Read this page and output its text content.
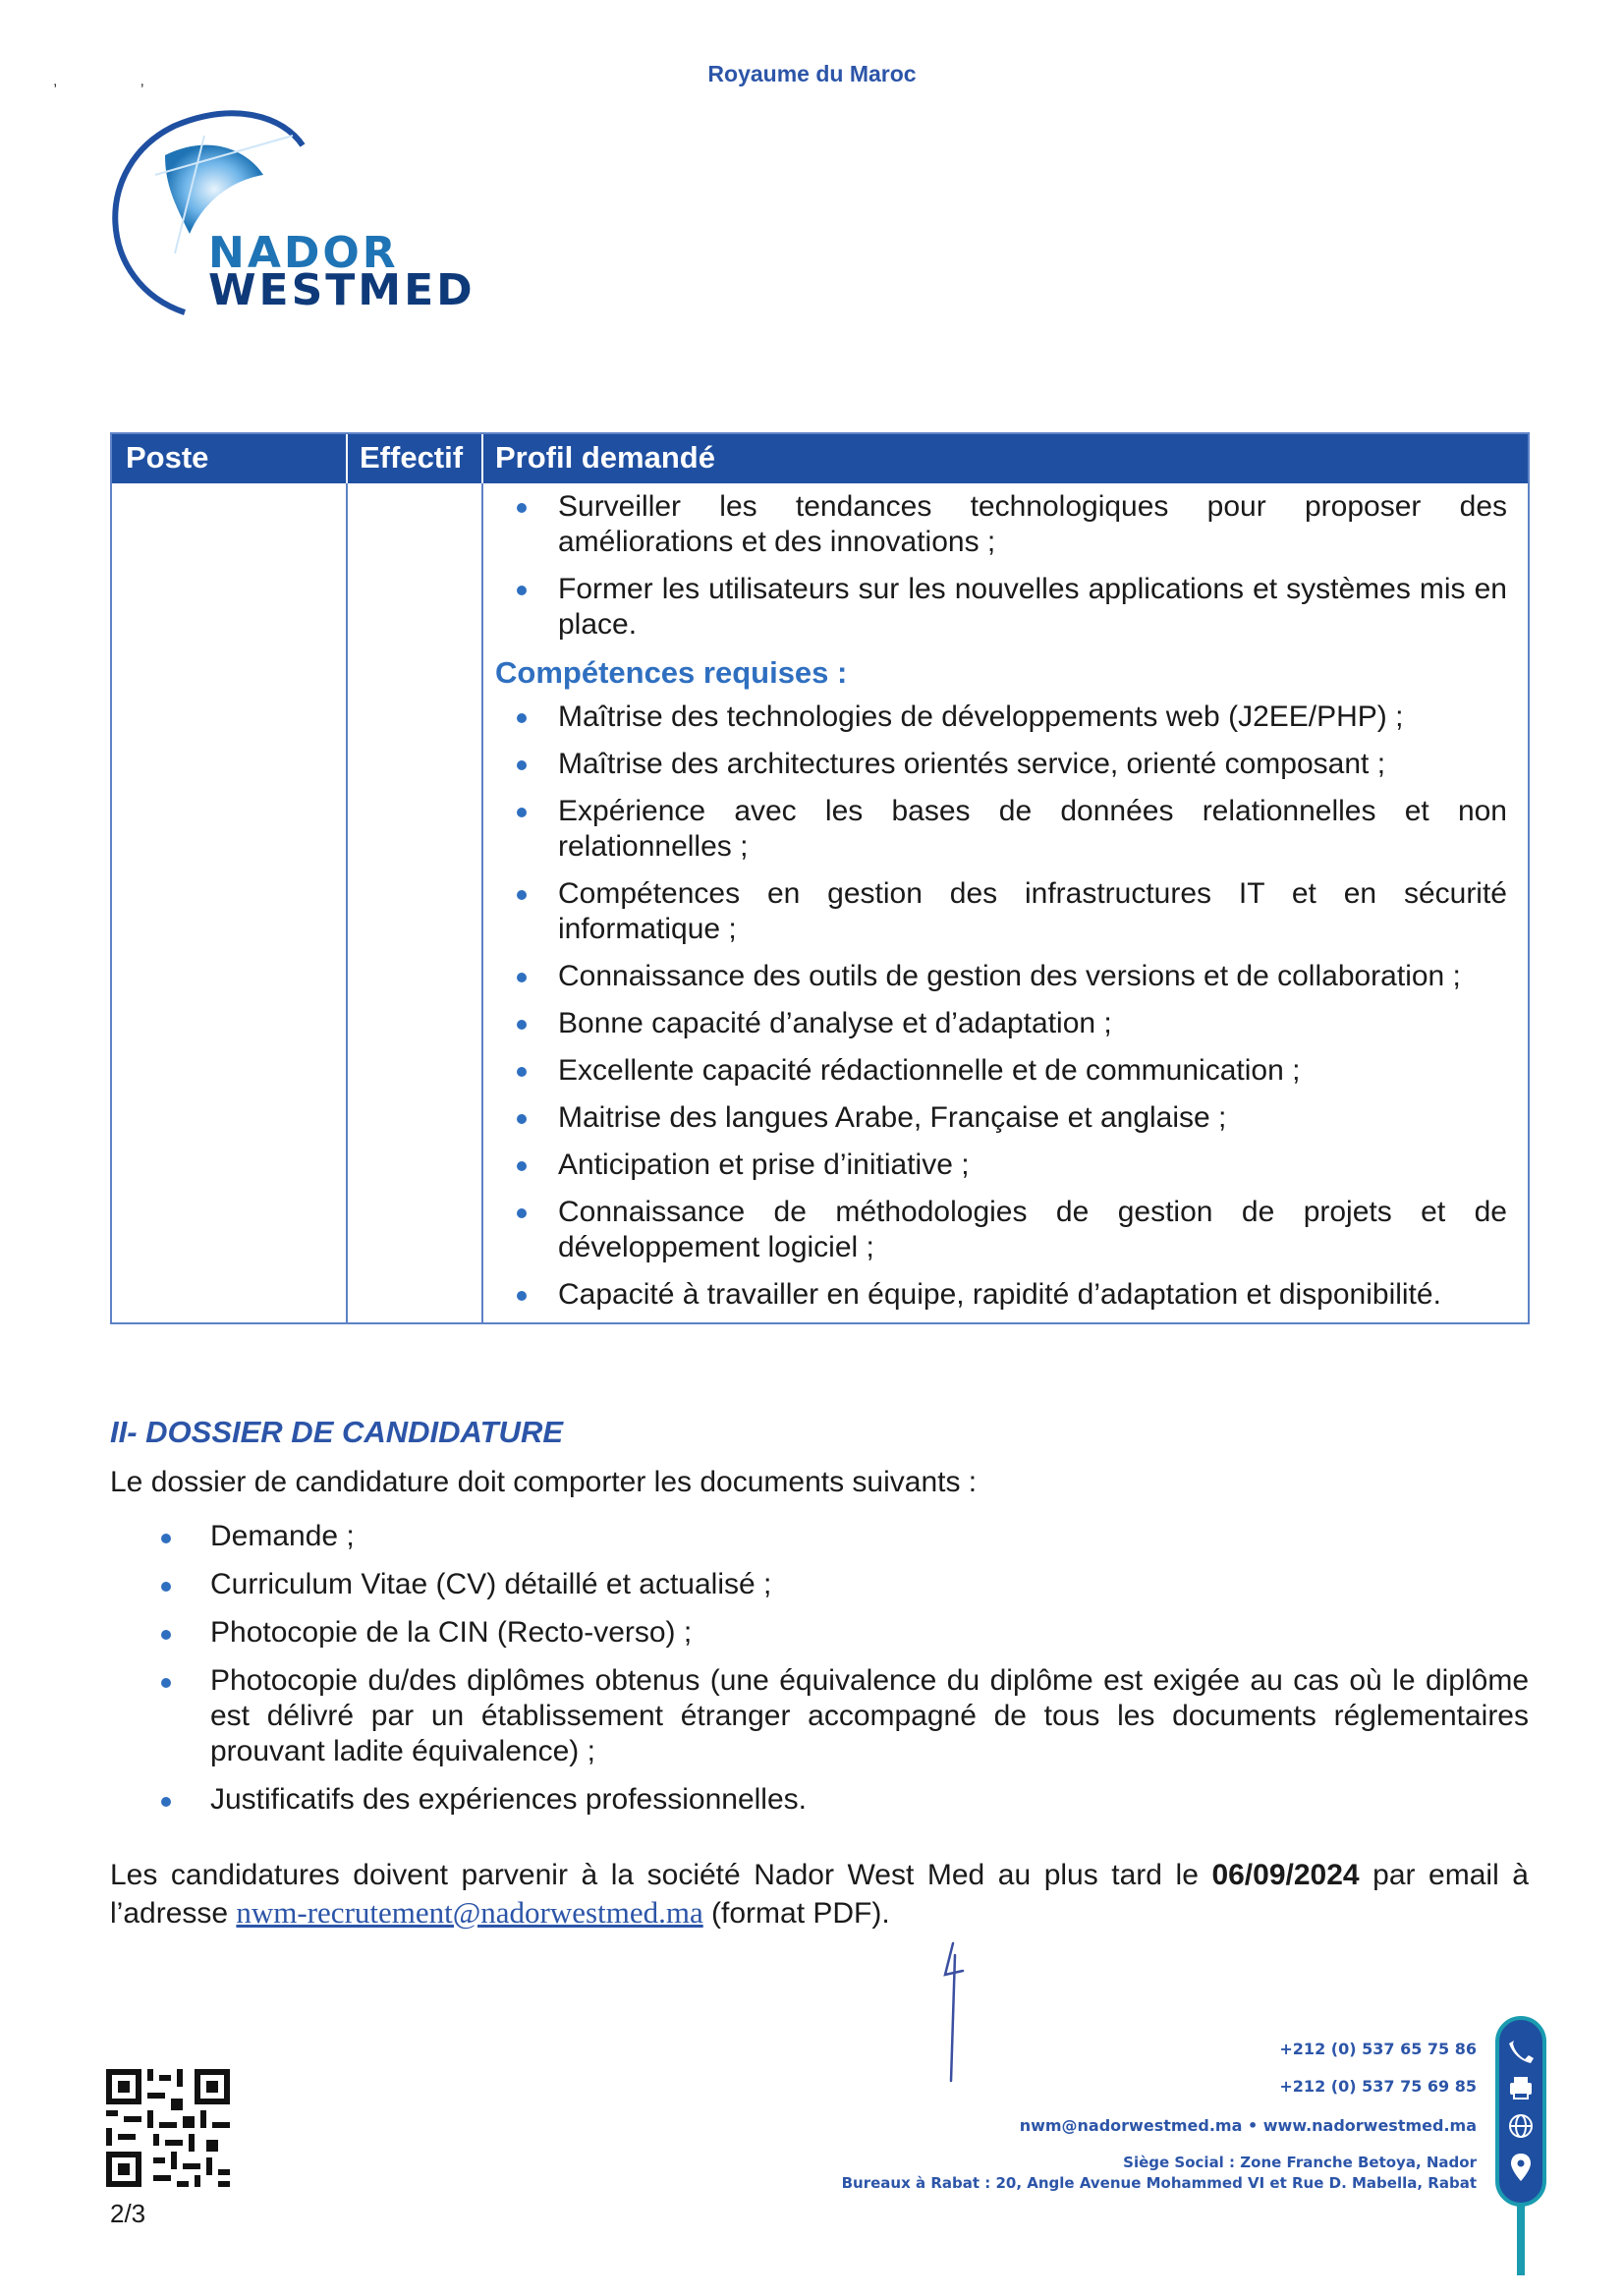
,,	Royaume du Maroc
NADOR
WESTMED
Poste	Effectif Profil demandé
Surveiller les tendances technologiques pour proposer des améliorations et des innovations ;
Former les utilisateurs sur les nouvelles applications et systèmes mis en place.
Compétences requises :
Maîtrise des technologies de développements web (J2EE/PHP) ;
Maîtrise des architectures orientés service, orienté composant ;
Expérience avec les bases de données relationnelles et non relationnelles ;
Compétences en gestion des infrastructures IT et en sécurité informatique ;
Connaissance des outils de gestion des versions et de collaboration ;
Bonne capacité d’analyse et d’adaptation ;
Excellente capacité rédactionnelle et de communication ;
Maitrise des langues Arabe, Française et anglaise ;
Anticipation et prise d’initiative ;
Connaissance de méthodologies de gestion de projets et de développement logiciel ;
Capacité à travailler en équipe, rapidité d’adaptation et disponibilité.
II- DOSSIER DE CANDIDATURE
Le dossier de candidature doit comporter les documents suivants :
Demande ;
Curriculum Vitae (CV) détaillé et actualisé ;
Photocopie de la CIN (Recto-verso) ;
Photocopie du/des diplômes obtenus (une équivalence du diplôme est exigée au cas où le diplôme est délivré par un établissement étranger accompagné de tous les documents réglementaires prouvant ladite équivalence) ;
Justificatifs des expériences professionnelles.
Les candidatures doivent parvenir à la société Nador West Med au plus tard le 06/09/2024 par email à l’adresse nwm-recrutement@nadorwestmed.ma (format PDF).
2/3
+212 (0) 537 65 75 86
+212 (0) 537 75 69 85
nwm@nadorwestmed.ma • www.nadorwestmed.ma
Siège Social : Zone Franche Betoya, Nador
Bureaux à Rabat : 20, Angle Avenue Mohammed VI et Rue D. Mabella, Rabat
